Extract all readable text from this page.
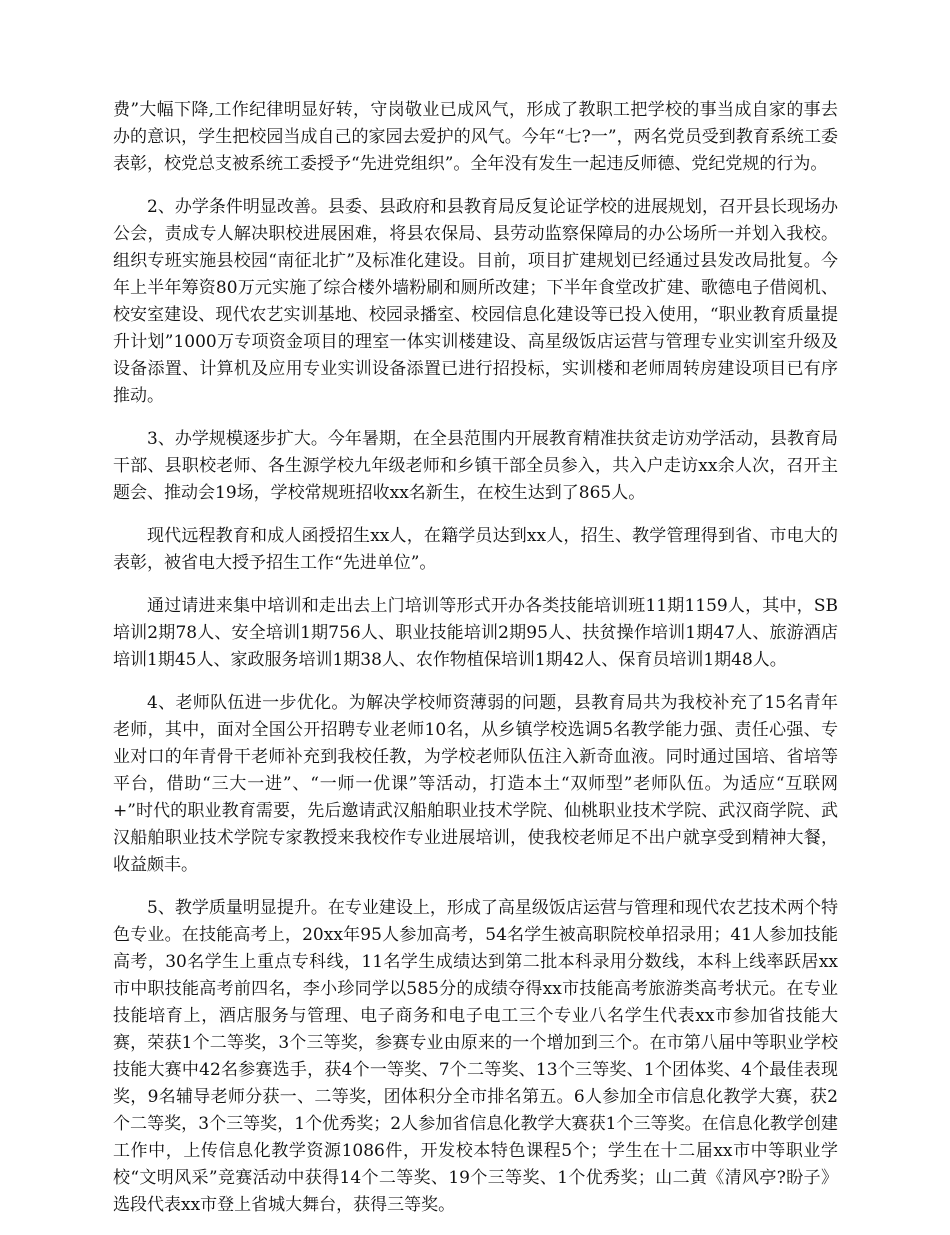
费”大幅下降,工作纪律明显好转，守岗敬业已成风气，形成了教职工把学校的事当成自家的事去办的意识，学生把校园当成自己的家园去爱护的风气。今年“七?一”，两名党员受到教育系统工委表彰，校党总支被系统工委授予“先进党组织”。全年没有发生一起违反师德、党纪党规的行为。

2、办学条件明显改善。县委、县政府和县教育局反复论证学校的进展规划，召开县长现场办公会，责成专人解决职校进展困难，将县农保局、县劳动监察保障局的办公场所一并划入我校。组织专班实施县校园“南征北扩”及标准化建设。目前，项目扩建规划已经通过县发改局批复。今年上半年筹资80万元实施了综合楼外墙粉刷和厕所改建；下半年食堂改扩建、歌德电子借阅机、校安室建设、现代农艺实训基地、校园录播室、校园信息化建设等已投入使用，“职业教育质量提升计划”1000万专项资金项目的理室一体实训楼建设、高星级饭店运营与管理专业实训室升级及设备添置、计算机及应用专业实训设备添置已进行招投标，实训楼和老师周转房建设项目已有序推动。

3、办学规模逐步扩大。今年暑期，在全县范围内开展教育精准扶贫走访劝学活动，县教育局干部、县职校老师、各生源学校九年级老师和乡镇干部全员参入，共入户走访xx余人次，召开主题会、推动会19场，学校常规班招收xx名新生，在校生达到了865人。

现代远程教育和成人函授招生xx人，在籍学员达到xx人，招生、教学管理得到省、市电大的表彰，被省电大授予招生工作“先进单位”。

通过请进来集中培训和走出去上门培训等形式开办各类技能培训班11期1159人，其中，SB培训2期78人、安全培训1期756人、职业技能培训2期95人、扶贫操作培训1期47人、旅游酒店培训1期45人、家政服务培训1期38人、农作物植保培训1期42人、保育员培训1期48人。

4、老师队伍进一步优化。为解决学校师资薄弱的问题，县教育局共为我校补充了15名青年老师，其中，面对全国公开招聘专业老师10名，从乡镇学校选调5名教学能力强、责任心强、专业对口的年青骨干老师补充到我校任教，为学校老师队伍注入新奇血液。同时通过国培、省培等平台，借助“三大一进”、“一师一优课”等活动，打造本土“双师型”老师队伍。为适应“互联网+”时代的职业教育需要，先后邀请武汉船舶职业技术学院、仙桃职业技术学院、武汉商学院、武汉船舶职业技术学院专家教授来我校作专业进展培训，使我校老师足不出户就享受到精神大餐，收益颇丰。

5、教学质量明显提升。在专业建设上，形成了高星级饭店运营与管理和现代农艺技术两个特色专业。在技能高考上，20xx年95人参加高考，54名学生被高职院校单招录用；41人参加技能高考，30名学生上重点专科线，11名学生成绩达到第二批本科录用分数线，本科上线率跃居xx市中职技能高考前四名，李小珍同学以585分的成绩夺得xx市技能高考旅游类高考状元。在专业技能培育上，酒店服务与管理、电子商务和电子电工三个专业八名学生代表xx市参加省技能大赛，荣获1个二等奖，3个三等奖，参赛专业由原来的一个增加到三个。在市第八届中等职业学校技能大赛中42名参赛选手，获4个一等奖、7个二等奖、13个三等奖、1个团体奖、4个最佳表现奖，9名辅导老师分获一、二等奖，团体积分全市排名第五。6人参加全市信息化教学大赛，获2个二等奖，3个三等奖，1个优秀奖；2人参加省信息化教学大赛获1个三等奖。在信息化教学创建工作中，上传信息化教学资源1086件，开发校本特色课程5个；学生在十二届xx市中等职业学校“文明风采”竞赛活动中获得14个二等奖、19个三等奖、1个优秀奖；山二黄《清风亭?盼子》选段代表xx市登上省城大舞台，获得三等奖。
